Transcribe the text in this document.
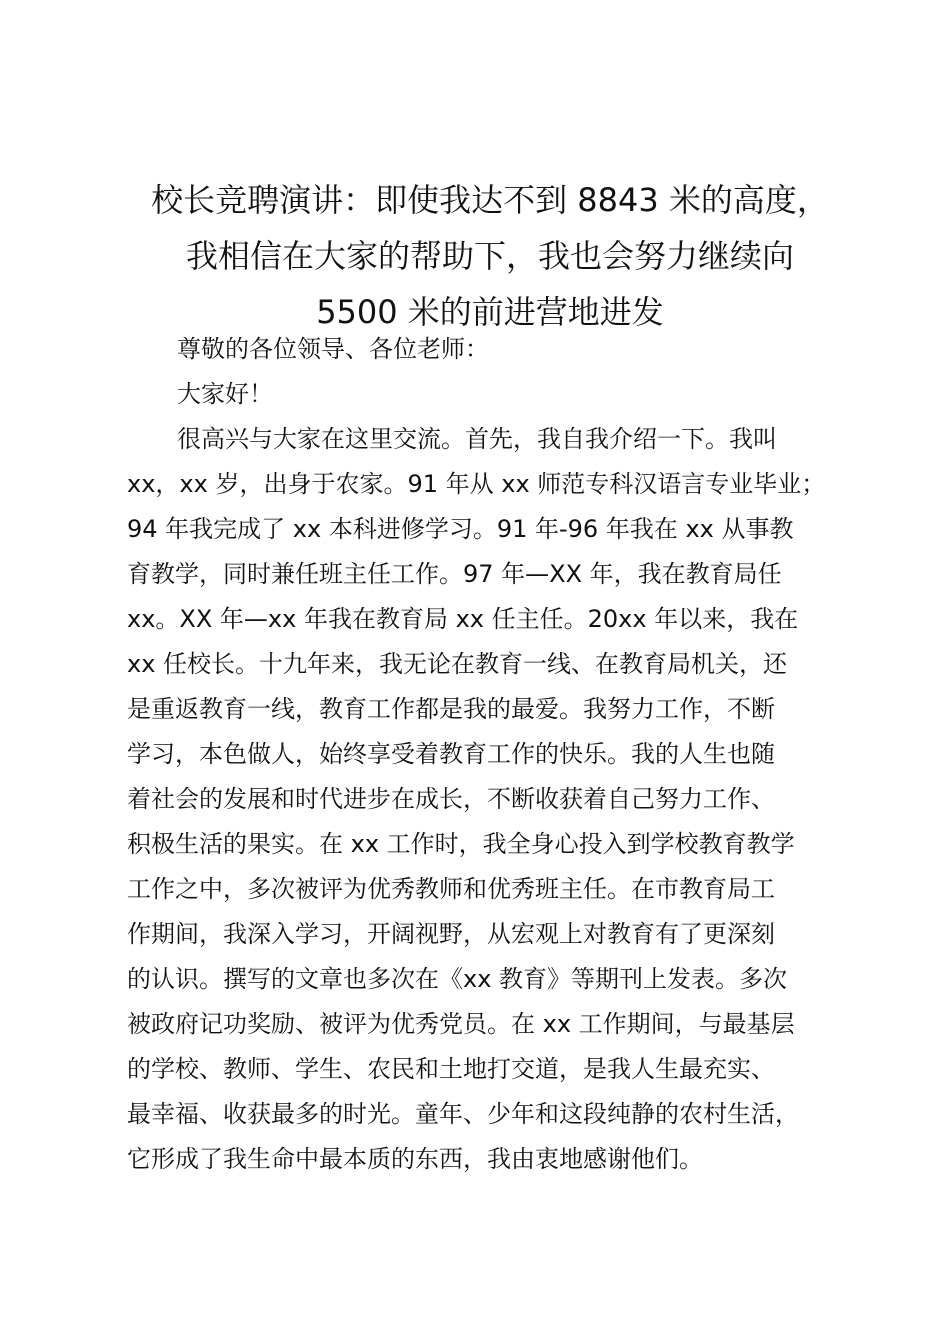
校长竞聘演讲：即使我达不到 8843 米的高度，
我相信在大家的帮助下，我也会努力继续向
5500 米的前进营地进发

尊敬的各位领导、各位老师：

大家好！

很高兴与大家在这里交流。首先，我自我介绍一下。我叫
xx，xx 岁，出身于农家。91 年从 xx 师范专科汉语言专业毕业；
94 年我完成了 xx 本科进修学习。91 年-96 年我在 xx 从事教
育教学，同时兼任班主任工作。97 年—XX 年，我在教育局任
xx。XX 年—xx 年我在教育局 xx 任主任。20xx 年以来，我在
xx 任校长。十九年来，我无论在教育一线、在教育局机关，还
是重返教育一线，教育工作都是我的最爱。我努力工作，不断
学习，本色做人，始终享受着教育工作的快乐。我的人生也随
着社会的发展和时代进步在成长，不断收获着自己努力工作、
积极生活的果实。在 xx 工作时，我全身心投入到学校教育教学
工作之中，多次被评为优秀教师和优秀班主任。在市教育局工
作期间，我深入学习，开阔视野，从宏观上对教育有了更深刻
的认识。撰写的文章也多次在《xx 教育》等期刊上发表。多次
被政府记功奖励、被评为优秀党员。在 xx 工作期间，与最基层
的学校、教师、学生、农民和土地打交道，是我人生最充实、
最幸福、收获最多的时光。童年、少年和这段纯静的农村生活，
它形成了我生命中最本质的东西，我由衷地感谢他们。
